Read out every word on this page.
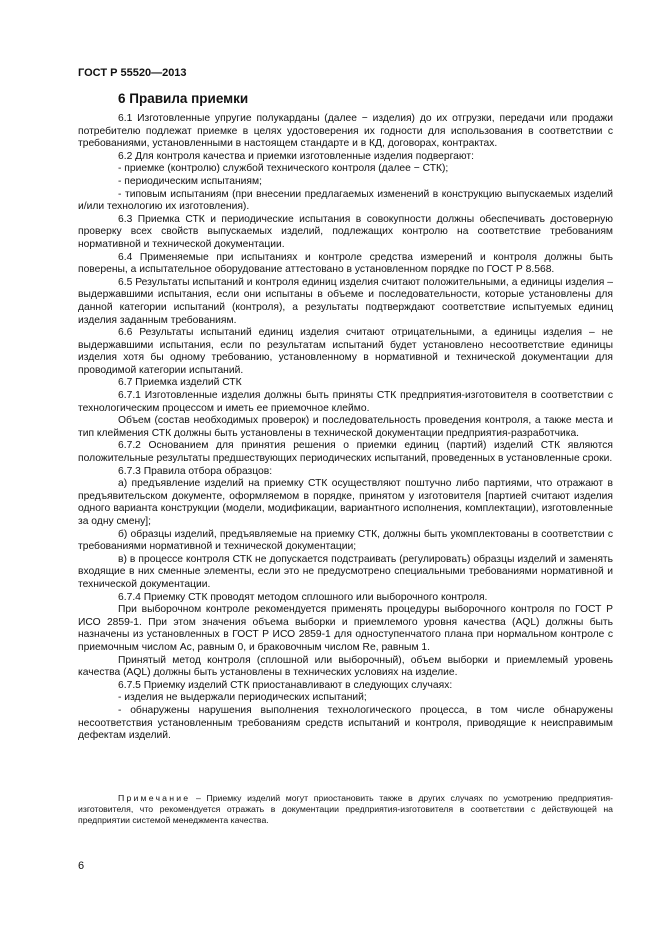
ГОСТ Р 55520—2013
6 Правила приемки

6.1 Изготовленные упругие полукарданы (далее − изделия) до их отгрузки, передачи или продажи потребителю подлежат приемке в целях удостоверения их годности для использования в соответствии с требованиями, установленными в настоящем стандарте и в КД, договорах, контрактах.

6.2 Для контроля качества и приемки изготовленные изделия подвергают:

- приемке (контролю) службой технического контроля (далее − СТК);

- периодическим испытаниям;

- типовым испытаниям (при внесении предлагаемых изменений в конструкцию выпускаемых изделий и/или технологию их изготовления).

6.3 Приемка СТК и периодические испытания в совокупности должны обеспечивать достоверную проверку всех свойств выпускаемых изделий, подлежащих контролю на соответствие требованиям нормативной и технической документации.

6.4 Применяемые при испытаниях и контроле средства измерений и контроля должны быть поверены, а испытательное оборудование аттестовано в установленном порядке по ГОСТ Р 8.568.

6.5 Результаты испытаний и контроля единиц изделия считают положительными, а единицы изделия – выдержавшими испытания, если они испытаны в объеме и последовательности, которые установлены для данной категории испытаний (контроля), а результаты подтверждают соответствие испытуемых единиц изделия заданным требованиям.

6.6 Результаты испытаний единиц изделия считают отрицательными, а единицы изделия – не выдержавшими испытания, если по результатам испытаний будет установлено несоответствие единицы изделия хотя бы одному требованию, установленному в нормативной и технической документации для проводимой категории испытаний.

6.7 Приемка изделий СТК

6.7.1 Изготовленные изделия должны быть приняты СТК предприятия-изготовителя в соответствии с технологическим процессом и иметь ее приемочное клеймо.

Объем (состав необходимых проверок) и последовательность проведения контроля, а также места и тип клеймения СТК должны быть установлены в технической документации предприятия-разработчика.

6.7.2 Основанием для принятия решения о приемки единиц (партий) изделий СТК являются положительные результаты предшествующих периодических испытаний, проведенных в установленные сроки.

6.7.3 Правила отбора образцов:

а) предъявление изделий на приемку СТК осуществляют поштучно либо партиями, что отражают в предъявительском документе, оформляемом в порядке, принятом у изготовителя [партией считают изделия одного варианта конструкции (модели, модификации, вариантного исполнения, комплектации), изготовленные за одну смену];

б) образцы изделий, предъявляемые на приемку СТК, должны быть укомплектованы в соответствии с требованиями нормативной и технической документации;

в) в процессе контроля СТК не допускается подстраивать (регулировать) образцы изделий и заменять входящие в них сменные элементы, если это не предусмотрено специальными требованиями нормативной и технической документации.

6.7.4 Приемку СТК проводят методом сплошного или выборочного контроля.

При выборочном контроле рекомендуется применять процедуры выборочного контроля по ГОСТ Р ИСО 2859-1. При этом значения объема выборки и приемлемого уровня качества (AQL) должны быть назначены из установленных в ГОСТ Р ИСО 2859-1 для одноступенчатого плана при нормальном контроле с приемочным числом Ac, равным 0, и браковочным числом Re, равным 1.

Принятый метод контроля (сплошной или выборочный), объем выборки и приемлемый уровень качества (AQL) должны быть установлены в технических условиях на изделие.

6.7.5 Приемку изделий СТК приостанавливают в следующих случаях:

- изделия не выдержали периодических испытаний;

- обнаружены нарушения выполнения технологического процесса, в том числе обнаружены несоответствия установленным требованиям средств испытаний и контроля, приводящие к неисправимым дефектам изделий.

Примечание – Приемку изделий могут приостановить также в других случаях по усмотрению предприятия-изготовителя, что рекомендуется отражать в документации предприятия-изготовителя в соответствии с действующей на предприятии системой менеджмента качества.
6
